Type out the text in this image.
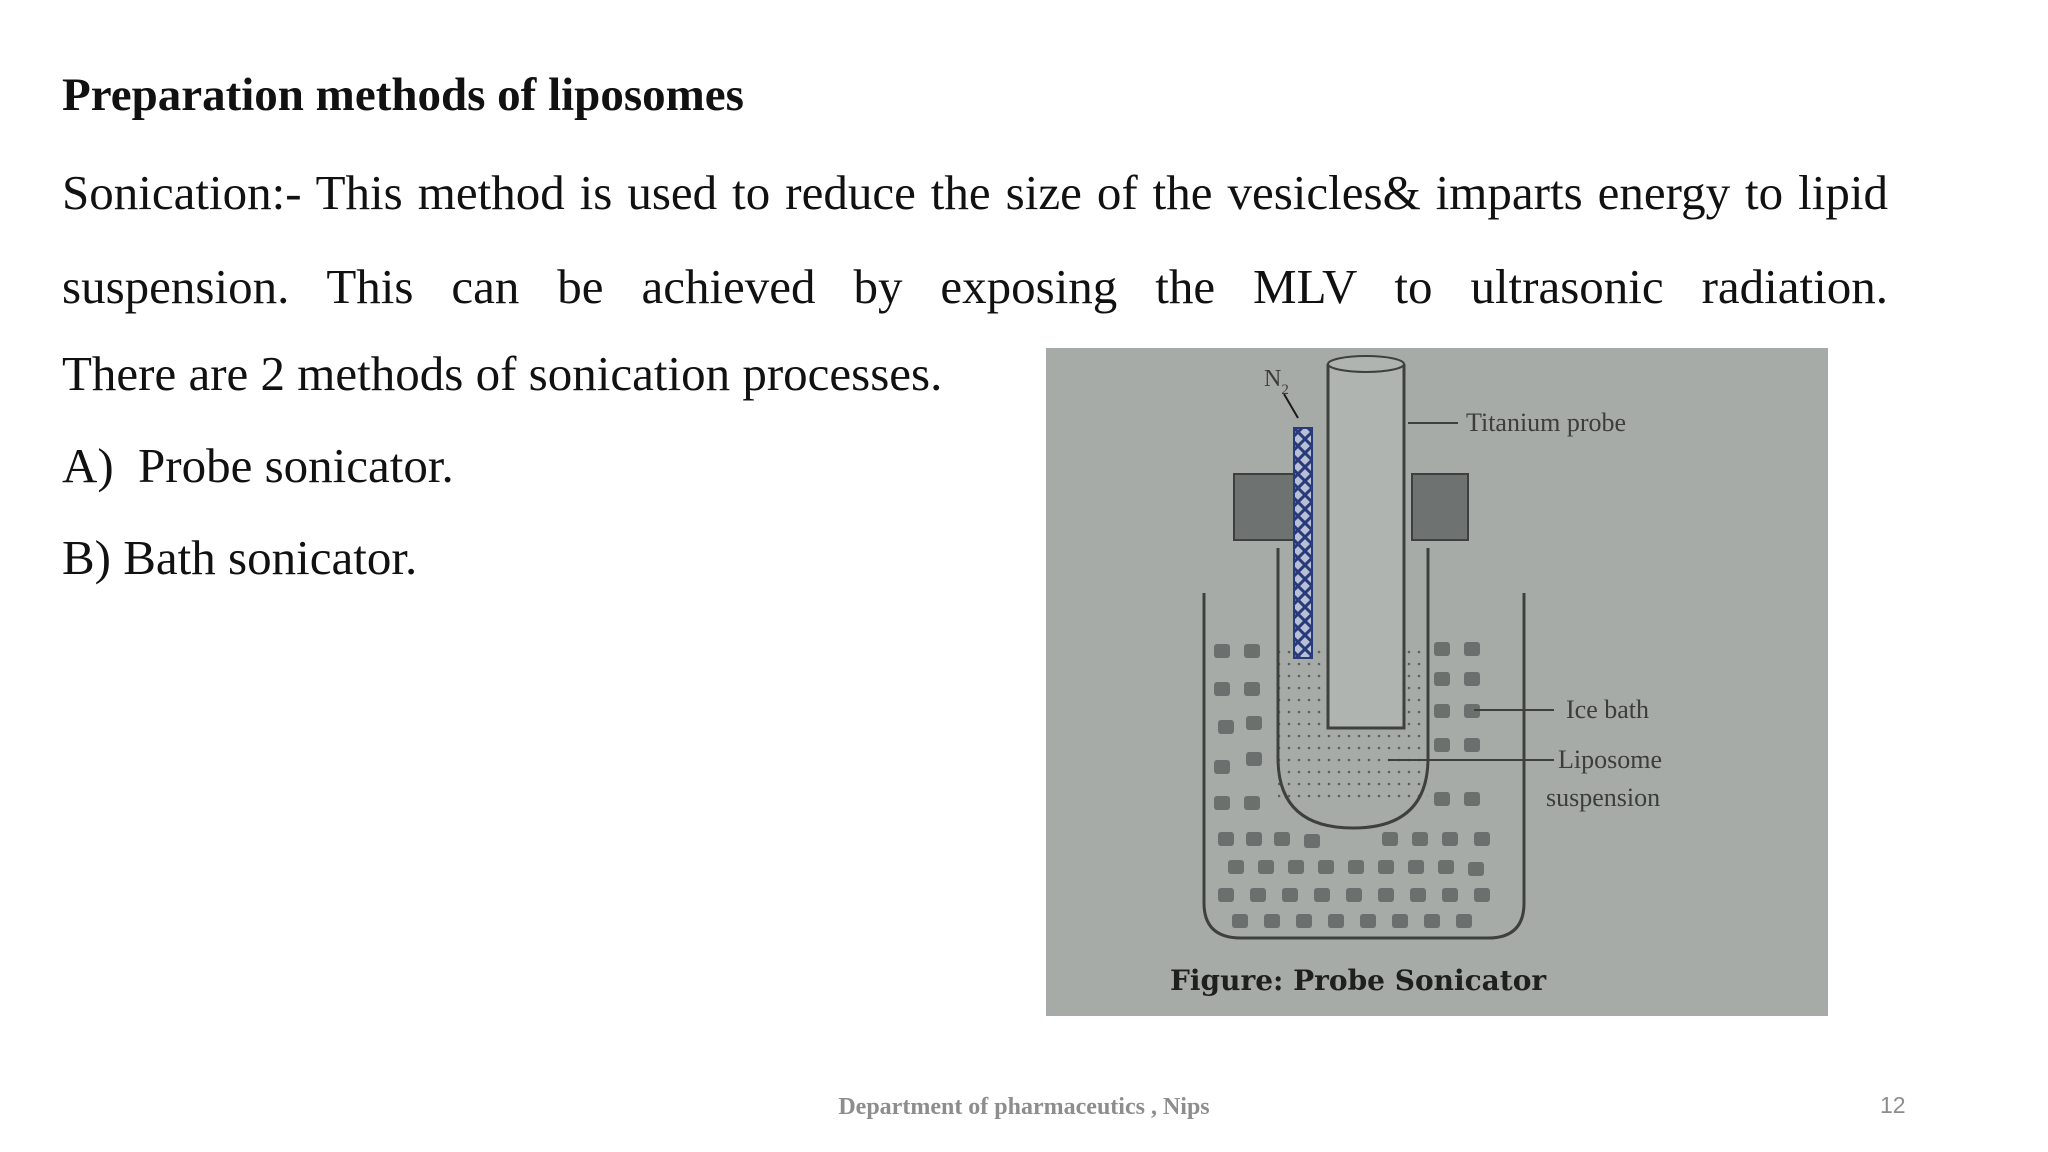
Preparation methods of liposomes
Sonication:- This method is used to reduce the size of the vesicles& imparts energy to lipid suspension. This can be achieved by exposing the MLV to ultrasonic radiation.
There are 2 methods of sonication processes.
A) Probe sonicator.
B) Bath sonicator.
$N_2$
Titanium probe
Ice bath
Liposome
suspension
Figure: Probe Sonicator
Department of pharmaceutics , Nips	12
